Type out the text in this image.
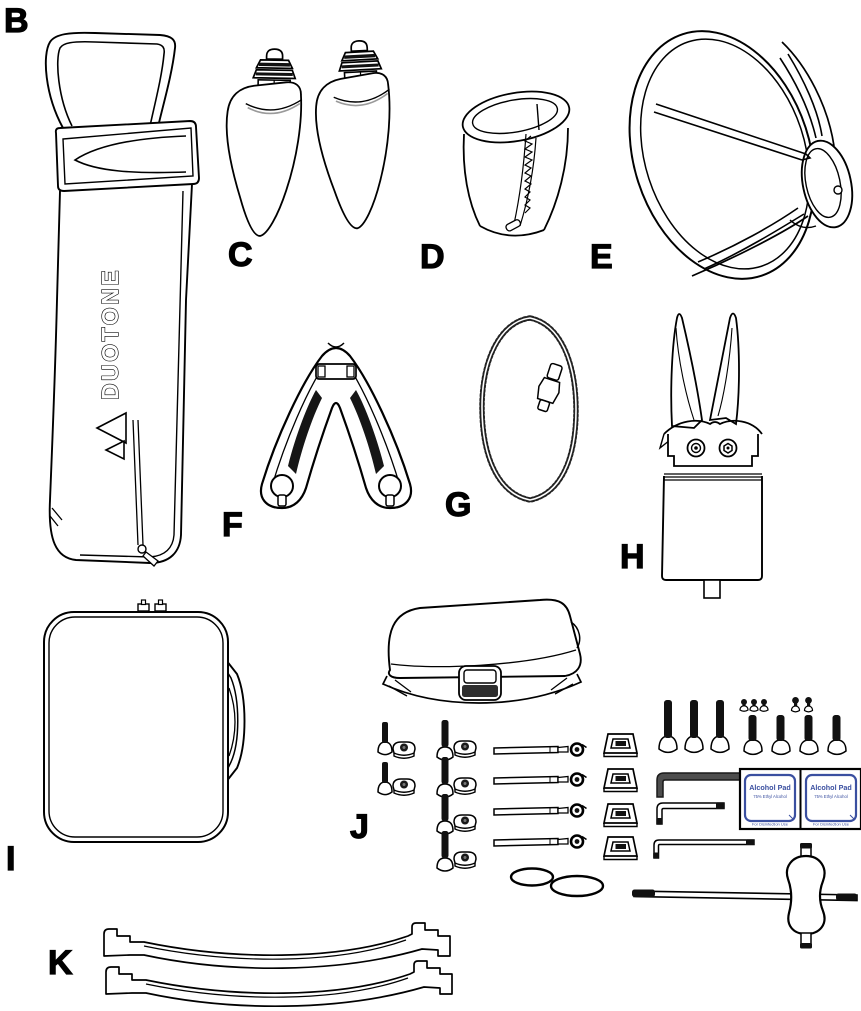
DUOTONE
Alcohol Pad
75% Ethyl Alcohol
For Disinfection Use
Alcohol Pad
75% Ethyl Alcohol
For Disinfection Use
B
C	D	E
F
G
H
I
J
K
